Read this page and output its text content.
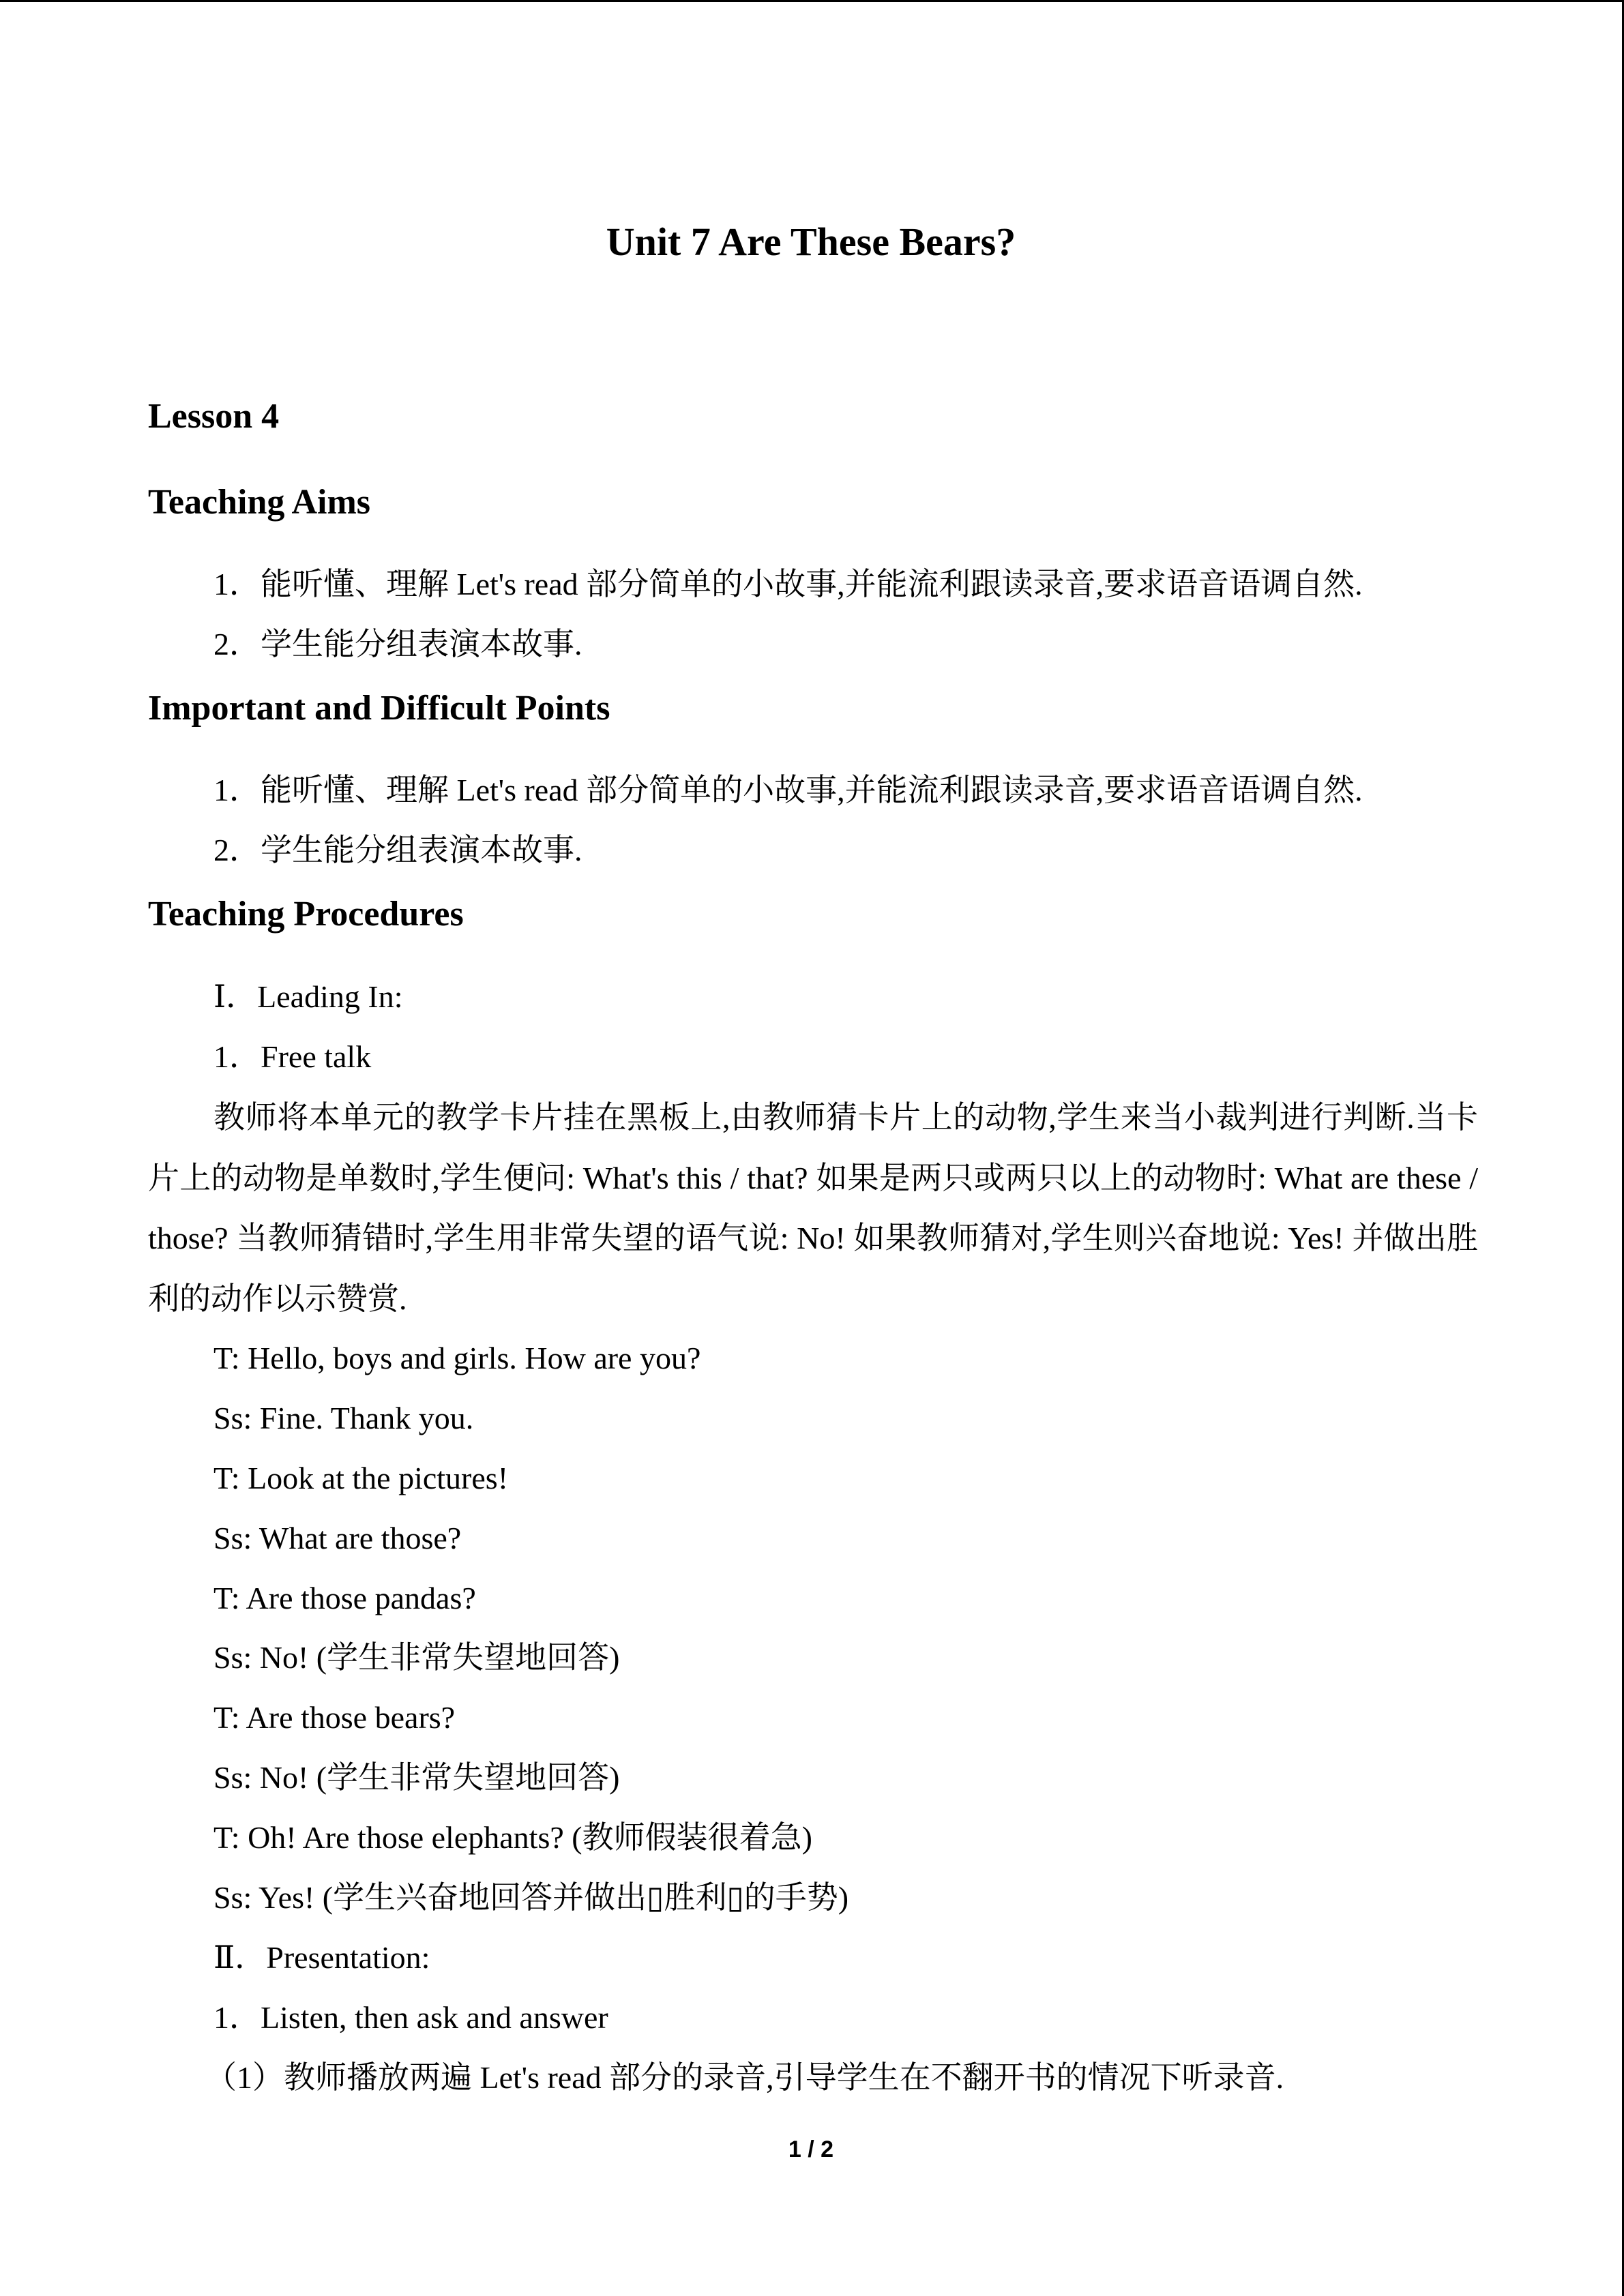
Unit 7 Are These Bears?
Lesson 4
Teaching Aims
1．能听懂、理解 Let's read 部分简单的小故事,并能流利跟读录音,要求语音语调自然.
2．学生能分组表演本故事.
Important and Difficult Points
1．能听懂、理解 Let's read 部分简单的小故事,并能流利跟读录音,要求语音语调自然.
2．学生能分组表演本故事.
Teaching Procedures
Ⅰ．Leading In:
1．Free talk
教师将本单元的教学卡片挂在黑板上,由教师猜卡片上的动物,学生来当小裁判进行判断.当卡片上的动物是单数时,学生便问: What's this / that? 如果是两只或两只以上的动物时: What are these / those? 当教师猜错时,学生用非常失望的语气说: No! 如果教师猜对,学生则兴奋地说: Yes! 并做出胜利的动作以示赞赏.
T: Hello, boys and girls. How are you?
Ss: Fine. Thank you.
T: Look at the pictures!
Ss: What are those?
T: Are those pandas?
Ss: No! (学生非常失望地回答)
T: Are those bears?
Ss: No! (学生非常失望地回答)
T: Oh! Are those elephants? (教师假装很着急)
Ss: Yes! (学生兴奋地回答并做出▯胜利▯的手势)
Ⅱ．Presentation:
1．Listen, then ask and answer
（1）教师播放两遍 Let's read 部分的录音,引导学生在不翻开书的情况下听录音.
1 / 2
